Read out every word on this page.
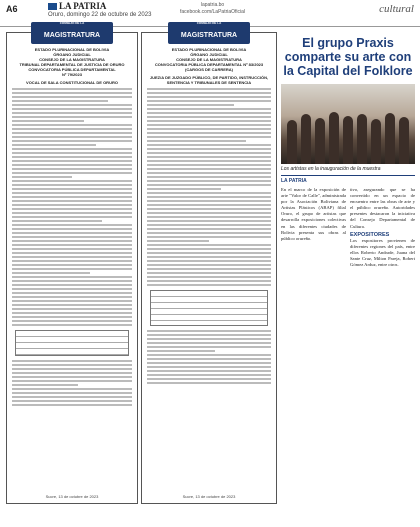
A6	LA PATRIA
Oruro, domingo 22 de octubre de 2023
lapatria.bo
facebook.com/LaPatriaOficial	cultural
CONSEJO DE LA
MAGISTRATURA
ESTADO PLURINACIONAL DE BOLIVIA
ÓRGANO JUDICIAL
CONSEJO DE LA MAGISTRATURA
TRIBUNAL DEPARTAMENTAL DE JUSTICIA DE ORURO
CONVOCATORIA PÚBLICA DEPARTAMENTAL
Nº 79/2023
VOCAL DE SALA CONSTITUCIONAL DE ORURO
Sucre, 13 de octubre de 2023
CONSEJO DE LA
MAGISTRATURA
ESTADO PLURINACIONAL DE BOLIVIA
ÓRGANO JUDICIAL
CONSEJO DE LA MAGISTRATURA
CONVOCATORIA PÚBLICA DEPARTAMENTAL Nº 83/2023
(CARGOS DE CARRERA)
JUEZ/A DE JUZGADO PÚBLICO, DE PARTIDO, INSTRUCCIÓN, SENTENCIA Y TRIBUNALES DE SENTENCIA
Sucre, 13 de octubre de 2023
El grupo Praxis comparte su arte con la Capital del Folklore
Los artistas en la inauguración de la muestra
LA PATRIA

En el marco de la exposición de arte "Valor de Calle", administrada por la Asociación Boliviana de Artistas Plásticos (ABAP) filial Oruro, el grupo de artistas que desarrolla exposiciones colectivas en las diferentes ciudades de Bolivia presenta sus obras al público orureño.

tivo, asegurando que se ha convertido en un espacio de encuentro entre las obras de arte y el público orureño. Autoridades presentes destacaron la iniciativa del Consejo Departamental de Cultura.

EXPOSITORES

Los expositores provienen de diferentes regiones del país, entre ellos Roberto Andrade, Juana del Sante Cruz, Milton Pareja, Robert Gómez Arduz, entre otros.
